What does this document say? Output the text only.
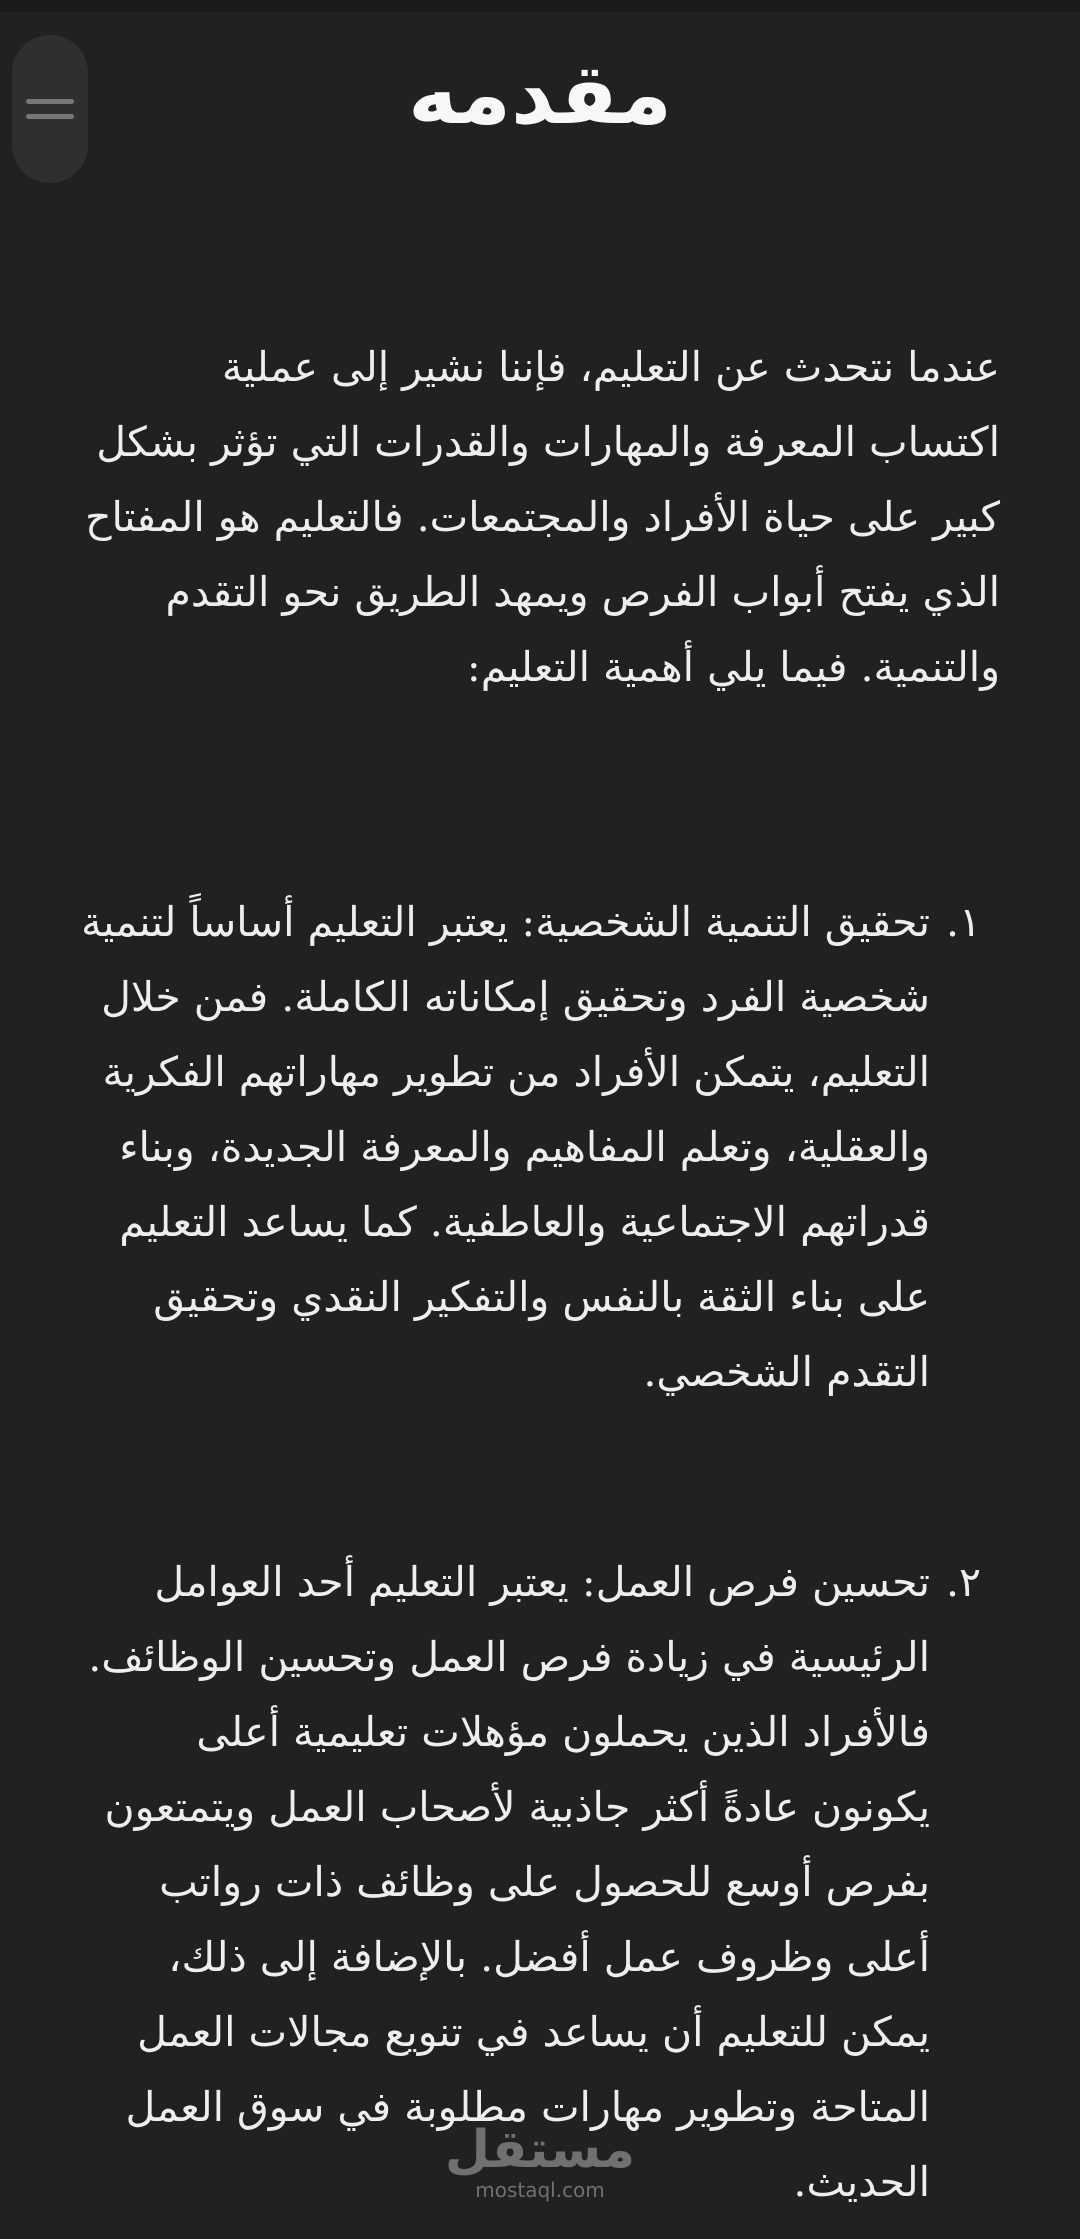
مقدمه

عندما نتحدث عن التعليم، فإننا نشير إلى عملية اكتساب المعرفة والمهارات والقدرات التي تؤثر بشكل كبير على حياة الأفراد والمجتمعات. فالتعليم هو المفتاح الذي يفتح أبواب الفرص ويمهد الطريق نحو التقدم والتنمية. فيما يلي أهمية التعليم:

١.

تحقيق التنمية الشخصية: يعتبر التعليم أساساً لتنمية شخصية الفرد وتحقيق إمكاناته الكاملة. فمن خلال التعليم، يتمكن الأفراد من تطوير مهاراتهم الفكرية والعقلية، وتعلم المفاهيم والمعرفة الجديدة، وبناء قدراتهم الاجتماعية والعاطفية. كما يساعد التعليم على بناء الثقة بالنفس والتفكير النقدي وتحقيق التقدم الشخصي.

٢.

تحسين فرص العمل: يعتبر التعليم أحد العوامل الرئيسية في زيادة فرص العمل وتحسين الوظائف. فالأفراد الذين يحملون مؤهلات تعليمية أعلى يكونون عادةً أكثر جاذبية لأصحاب العمل ويتمتعون بفرص أوسع للحصول على وظائف ذات رواتب أعلى وظروف عمل أفضل. بالإضافة إلى ذلك، يمكن للتعليم أن يساعد في تنويع مجالات العمل المتاحة وتطوير مهارات مطلوبة في سوق العمل الحديث.

مستقل
mostaql.com
